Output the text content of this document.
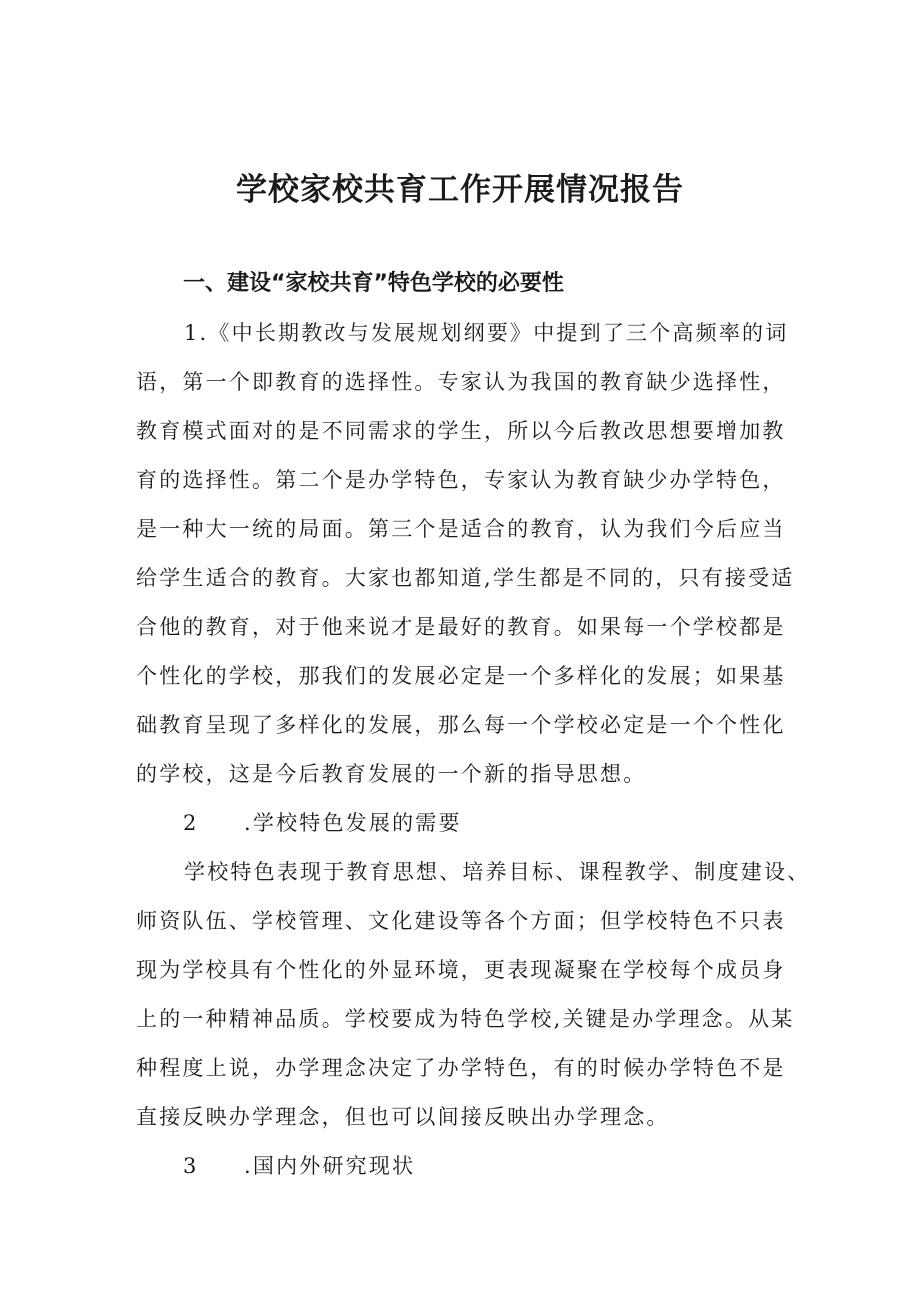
学校家校共育工作开展情况报告
一、建设“家校共育”特色学校的必要性

1.《中长期教改与发展规划纲要》中提到了三个高频率的词

语，第一个即教育的选择性。专家认为我国的教育缺少选择性，

教育模式面对的是不同需求的学生，所以今后教改思想要增加教

育的选择性。第二个是办学特色，专家认为教育缺少办学特色，

是一种大一统的局面。第三个是适合的教育，认为我们今后应当

给学生适合的教育。大家也都知道,学生都是不同的，只有接受适

合他的教育，对于他来说才是最好的教育。如果每一个学校都是

个性化的学校，那我们的发展必定是一个多样化的发展；如果基

础教育呈现了多样化的发展，那么每一个学校必定是一个个性化

的学校，这是今后教育发展的一个新的指导思想。

2 .学校特色发展的需要

学校特色表现于教育思想、培养目标、课程教学、制度建设、

师资队伍、学校管理、文化建设等各个方面；但学校特色不只表

现为学校具有个性化的外显环境，更表现凝聚在学校每个成员身

上的一种精神品质。学校要成为特色学校,关键是办学理念。从某

种程度上说，办学理念决定了办学特色，有的时候办学特色不是

直接反映办学理念，但也可以间接反映出办学理念。

3 .国内外研究现状
